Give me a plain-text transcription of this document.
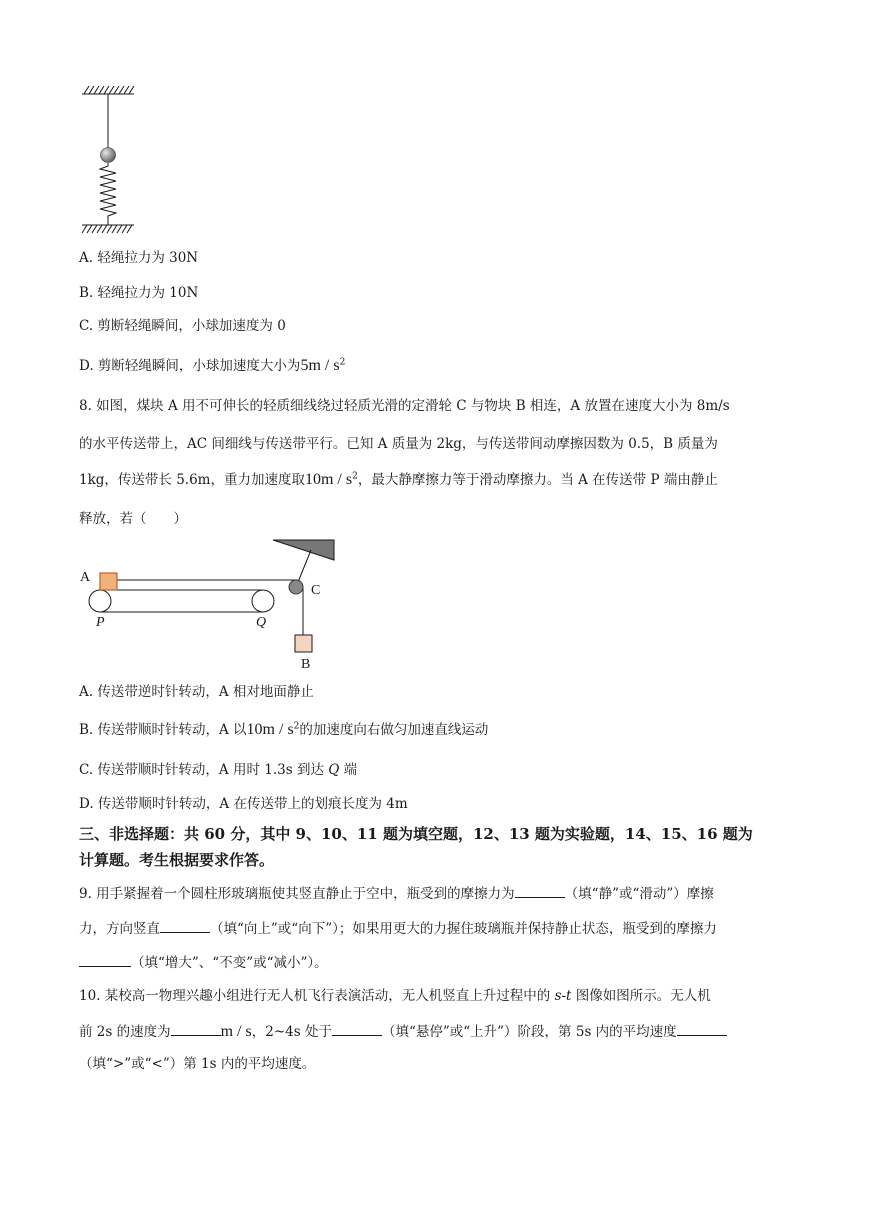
A. 轻绳拉力为 30N
B. 轻绳拉力为 10N
C. 剪断轻绳瞬间，小球加速度为 0
D. 剪断轻绳瞬间，小球加速度大小为$5m / s^2$
8. 如图，煤块 A 用不可伸长的轻质细线绕过轻质光滑的定滑轮 C 与物块 B 相连，A 放置在速度大小为 8m/s
的水平传送带上，AC 间细线与传送带平行。已知 A 质量为 2kg，与传送带间动摩擦因数为 0.5，B 质量为
1kg，传送带长 5.6m，重力加速度取$10m / s^2$，最大静摩擦力等于滑动摩擦力。当 A 在传送带 P 端由静止
释放，若（　　）
A
C
P	Q
B
A. 传送带逆时针转动，A 相对地面静止
B. 传送带顺时针转动，A 以$10m / s^2$的加速度向右做匀加速直线运动
C. 传送带顺时针转动，A 用时 1.3s 到达 Q 端
D. 传送带顺时针转动，A 在传送带上的划痕长度为 4m
三、非选择题：共 60 分，其中 9、10、11 题为填空题，12、13 题为实验题，14、15、16 题为
计算题。考生根据要求作答。
9. 用手紧握着一个圆柱形玻璃瓶使其竖直静止于空中，瓶受到的摩擦力为	（填“静”或“滑动”）摩擦
力，方向竖直	（填“向上”或“向下”）；如果用更大的力握住玻璃瓶并保持静止状态，瓶受到的摩擦力
（填“增大”、“不变”或“减小”）。
10. 某校高一物理兴趣小组进行无人机飞行表演活动，无人机竖直上升过程中的 s-t 图像如图所示。无人机
前 2s 的速度为	m / s，2~4s 处于	（填“悬停”或“上升”）阶段，第 5s 内的平均速度
（填“>”或“<”）第 1s 内的平均速度。
